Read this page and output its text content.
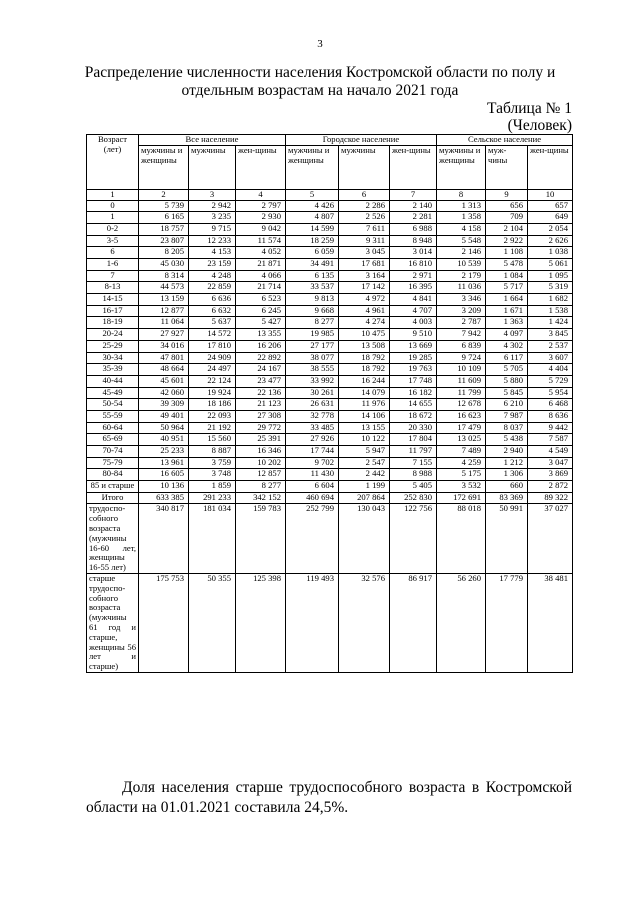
3
Распределение численности населения Костромской области по полу и
отдельным возрастам на начало 2021 года
Таблица № 1
(Человек)
Возраст (лет)	Все население			Городское население			Сельское население		
	мужчины и женщины	мужчины	жен-щины	мужчины и женщины	мужчины	жен-щины	мужчины и женщины	муж-чины	жен-щины
1	2	3	4	5	6	7	8	9	10
0	5 739	2 942	2 797	4 426	2 286	2 140	1 313	656	657
1	6 165	3 235	2 930	4 807	2 526	2 281	1 358	709	649
0-2	18 757	9 715	9 042	14 599	7 611	6 988	4 158	2 104	2 054
3-5	23 807	12 233	11 574	18 259	9 311	8 948	5 548	2 922	2 626
6	8 205	4 153	4 052	6 059	3 045	3 014	2 146	1 108	1 038
1-6	45 030	23 159	21 871	34 491	17 681	16 810	10 539	5 478	5 061
7	8 314	4 248	4 066	6 135	3 164	2 971	2 179	1 084	1 095
8-13	44 573	22 859	21 714	33 537	17 142	16 395	11 036	5 717	5 319
14-15	13 159	6 636	6 523	9 813	4 972	4 841	3 346	1 664	1 682
16-17	12 877	6 632	6 245	9 668	4 961	4 707	3 209	1 671	1 538
18-19	11 064	5 637	5 427	8 277	4 274	4 003	2 787	1 363	1 424
20-24	27 927	14 572	13 355	19 985	10 475	9 510	7 942	4 097	3 845
25-29	34 016	17 810	16 206	27 177	13 508	13 669	6 839	4 302	2 537
30-34	47 801	24 909	22 892	38 077	18 792	19 285	9 724	6 117	3 607
35-39	48 664	24 497	24 167	38 555	18 792	19 763	10 109	5 705	4 404
40-44	45 601	22 124	23 477	33 992	16 244	17 748	11 609	5 880	5 729
45-49	42 060	19 924	22 136	30 261	14 079	16 182	11 799	5 845	5 954
50-54	39 309	18 186	21 123	26 631	11 976	14 655	12 678	6 210	6 468
55-59	49 401	22 093	27 308	32 778	14 106	18 672	16 623	7 987	8 636
60-64	50 964	21 192	29 772	33 485	13 155	20 330	17 479	8 037	9 442
65-69	40 951	15 560	25 391	27 926	10 122	17 804	13 025	5 438	7 587
70-74	25 233	8 887	16 346	17 744	5 947	11 797	7 489	2 940	4 549
75-79	13 961	3 759	10 202	9 702	2 547	7 155	4 259	1 212	3 047
80-84	16 605	3 748	12 857	11 430	2 442	8 988	5 175	1 306	3 869
85 и старше	10 136	1 859	8 277	6 604	1 199	5 405	3 532	660	2 872
Итого	633 385	291 233	342 152	460 694	207 864	252 830	172 691	83 369	89 322
трудоспо-собного возраста (мужчины 16-60 лет, женщины 16-55 лет)	340 817	181 034	159 783	252 799	130 043	122 756	88 018	50 991	37 027
старше трудоспо-собного возраста (мужчины 61 год и старше, женщины 56 лет и старше)	175 753	50 355	125 398	119 493	32 576	86 917	56 260	17 779	38 481
Доля населения старше трудоспособного возраста в Костромской области на 01.01.2021 составила 24,5%.
